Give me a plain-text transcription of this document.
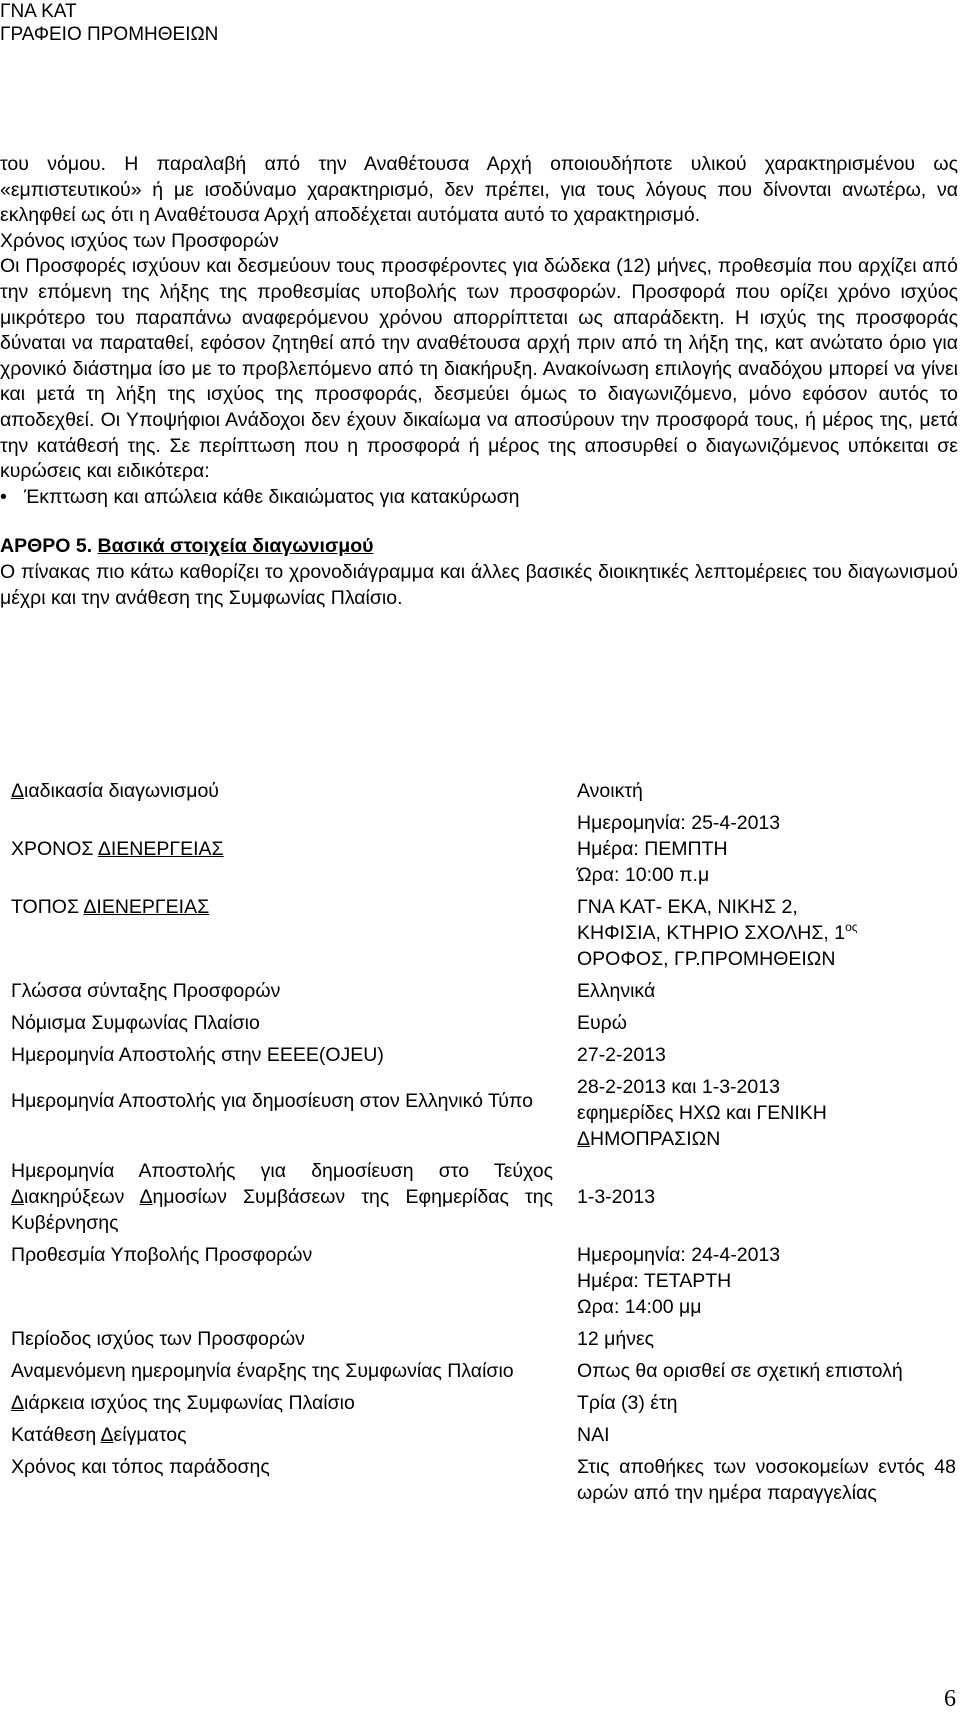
ΓΝΑ ΚΑΤ
ΓΡΑΦΕΙΟ ΠΡΟΜΗΘΕΙΩΝ

του νόμου. Η παραλαβή από την Αναθέτουσα Αρχή οποιουδήποτε υλικού χαρακτηρισμένου ως «εμπιστευτικού» ή με ισοδύναμο χαρακτηρισμό, δεν πρέπει, για τους λόγους που δίνονται ανωτέρω, να εκληφθεί ως ότι η Αναθέτουσα Αρχή αποδέχεται αυτόματα αυτό το χαρακτηρισμό.

Χρόνος ισχύος των Προσφορών

Οι Προσφορές ισχύουν και δεσμεύουν τους προσφέροντες για δώδεκα (12) μήνες, προθεσμία που αρχίζει από την επόμενη της λήξης της προθεσμίας υποβολής των προσφορών. Προσφορά που ορίζει χρόνο ισχύος μικρότερο του παραπάνω αναφερόμενου χρόνου απορρίπτεται ως απαράδεκτη. Η ισχύς της προσφοράς δύναται να παραταθεί, εφόσον ζητηθεί από την αναθέτουσα αρχή πριν από τη λήξη της, κατ ανώτατο όριο για χρονικό διάστημα ίσο με το προβλεπόμενο από τη διακήρυξη. Ανακοίνωση επιλογής αναδόχου μπορεί να γίνει και μετά τη λήξη της ισχύος της προσφοράς, δεσμεύει όμως το διαγωνιζόμενο, μόνο εφόσον αυτός το αποδεχθεί. Οι Υποψήφιοι Ανάδοχοι δεν έχουν δικαίωμα να αποσύρουν την προσφορά τους, ή μέρος της, μετά την κατάθεσή της. Σε περίπτωση που η προσφορά ή μέρος της αποσυρθεί ο διαγωνιζόμενος υπόκειται σε κυρώσεις και ειδικότερα:

• Έκπτωση και απώλεια κάθε δικαιώματος για κατακύρωση

ΑΡΘΡΟ 5. Βασικά στοιχεία διαγωνισμού

Ο πίνακας πιο κάτω καθορίζει το χρονοδιάγραμμα και άλλες βασικές διοικητικές λεπτομέρειες του διαγωνισμού μέχρι και την ανάθεση της Συμφωνίας Πλαίσιο.

Διαδικασία διαγωνισμού	Ανοικτή
ΧΡΟΝΟΣ ΔΙΕΝΕΡΓΕΙΑΣ	Ημερομηνία: 25-4-2013
Ημέρα: ΠΕΜΠΤΗ
Ώρα: 10:00 π.μ

ΤΟΠΟΣ ΔΙΕΝΕΡΓΕΙΑΣ	ΓΝΑ ΚΑΤ- ΕΚΑ, ΝΙΚΗΣ 2,
ΚΗΦΙΣΙΑ, ΚΤΗΡΙΟ ΣΧΟΛΗΣ, $1^{o\varsigma}$
ΟΡΟΦΟΣ, ΓΡ.ΠΡΟΜΗΘΕΙΩΝ

Γλώσσα σύνταξης Προσφορών	Ελληνικά
Νόμισμα Συμφωνίας Πλαίσιο	Ευρώ
Ημερομηνία Αποστολής στην ΕΕΕΕ(OJEU)	27-2-2013
Ημερομηνία Αποστολής για δημοσίευση στον Ελληνικό Τύπο	28-2-2013 και 1-3-2013
εφημερίδες ΗΧΩ και ΓΕΝΙΚΗ
ΔΗΜΟΠΡΑΣΙΩΝ

Ημερομηνία Αποστολής για δημοσίευση στο Τεύχος Διακηρύξεων Δημοσίων Συμβάσεων της Εφημερίδας της Κυβέρνησης	1-3-2013
Προθεσμία Υποβολής Προσφορών	Ημερομηνία: 24-4-2013
Ημέρα: ΤΕΤΑΡΤΗ
Ωρα: 14:00 μμ

Περίοδος ισχύος των Προσφορών	12 μήνες
Αναμενόμενη ημερομηνία έναρξης της Συμφωνίας Πλαίσιο	Οπως θα ορισθεί σε σχετική επιστολή
Διάρκεια ισχύος της Συμφωνίας Πλαίσιο	Τρία (3) έτη
Κατάθεση Δείγματος	ΝΑΙ
Χρόνος και τόπος παράδοσης	Στις αποθήκες των νοσοκομείων εντός 48 ωρών από την ημέρα παραγγελίας
6
